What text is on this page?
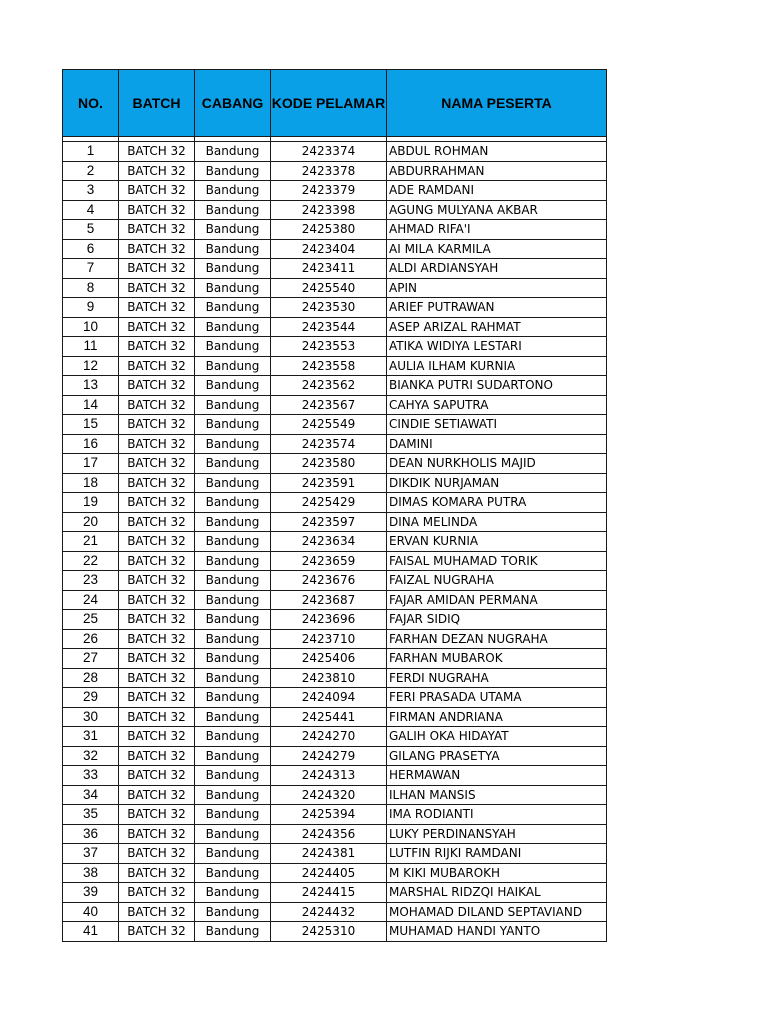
NO.	BATCH	CABANG	KODE PELAMAR	NAMA PESERTA

1	BATCH 32	Bandung	2423374	ABDUL ROHMAN
2	BATCH 32	Bandung	2423378	ABDURRAHMAN
3	BATCH 32	Bandung	2423379	ADE RAMDANI
4	BATCH 32	Bandung	2423398	AGUNG MULYANA AKBAR
5	BATCH 32	Bandung	2425380	AHMAD RIFA'I
6	BATCH 32	Bandung	2423404	AI MILA KARMILA
7	BATCH 32	Bandung	2423411	ALDI ARDIANSYAH
8	BATCH 32	Bandung	2425540	APIN
9	BATCH 32	Bandung	2423530	ARIEF PUTRAWAN
10	BATCH 32	Bandung	2423544	ASEP ARIZAL RAHMAT
11	BATCH 32	Bandung	2423553	ATIKA WIDIYA LESTARI
12	BATCH 32	Bandung	2423558	AULIA ILHAM KURNIA
13	BATCH 32	Bandung	2423562	BIANKA PUTRI SUDARTONO
14	BATCH 32	Bandung	2423567	CAHYA SAPUTRA
15	BATCH 32	Bandung	2425549	CINDIE SETIAWATI
16	BATCH 32	Bandung	2423574	DAMINI
17	BATCH 32	Bandung	2423580	DEAN NURKHOLIS MAJID
18	BATCH 32	Bandung	2423591	DIKDIK NURJAMAN
19	BATCH 32	Bandung	2425429	DIMAS KOMARA PUTRA
20	BATCH 32	Bandung	2423597	DINA MELINDA
21	BATCH 32	Bandung	2423634	ERVAN KURNIA
22	BATCH 32	Bandung	2423659	FAISAL MUHAMAD TORIK
23	BATCH 32	Bandung	2423676	FAIZAL NUGRAHA
24	BATCH 32	Bandung	2423687	FAJAR AMIDAN PERMANA
25	BATCH 32	Bandung	2423696	FAJAR SIDIQ
26	BATCH 32	Bandung	2423710	FARHAN DEZAN NUGRAHA
27	BATCH 32	Bandung	2425406	FARHAN MUBAROK
28	BATCH 32	Bandung	2423810	FERDI NUGRAHA
29	BATCH 32	Bandung	2424094	FERI PRASADA UTAMA
30	BATCH 32	Bandung	2425441	FIRMAN ANDRIANA
31	BATCH 32	Bandung	2424270	GALIH OKA HIDAYAT
32	BATCH 32	Bandung	2424279	GILANG PRASETYA
33	BATCH 32	Bandung	2424313	HERMAWAN
34	BATCH 32	Bandung	2424320	ILHAN MANSIS
35	BATCH 32	Bandung	2425394	IMA RODIANTI
36	BATCH 32	Bandung	2424356	LUKY PERDINANSYAH
37	BATCH 32	Bandung	2424381	LUTFIN RIJKI RAMDANI
38	BATCH 32	Bandung	2424405	M KIKI MUBAROKH
39	BATCH 32	Bandung	2424415	MARSHAL RIDZQI HAIKAL
40	BATCH 32	Bandung	2424432	MOHAMAD DILAND SEPTAVIAND
41	BATCH 32	Bandung	2425310	MUHAMAD HANDI YANTO
